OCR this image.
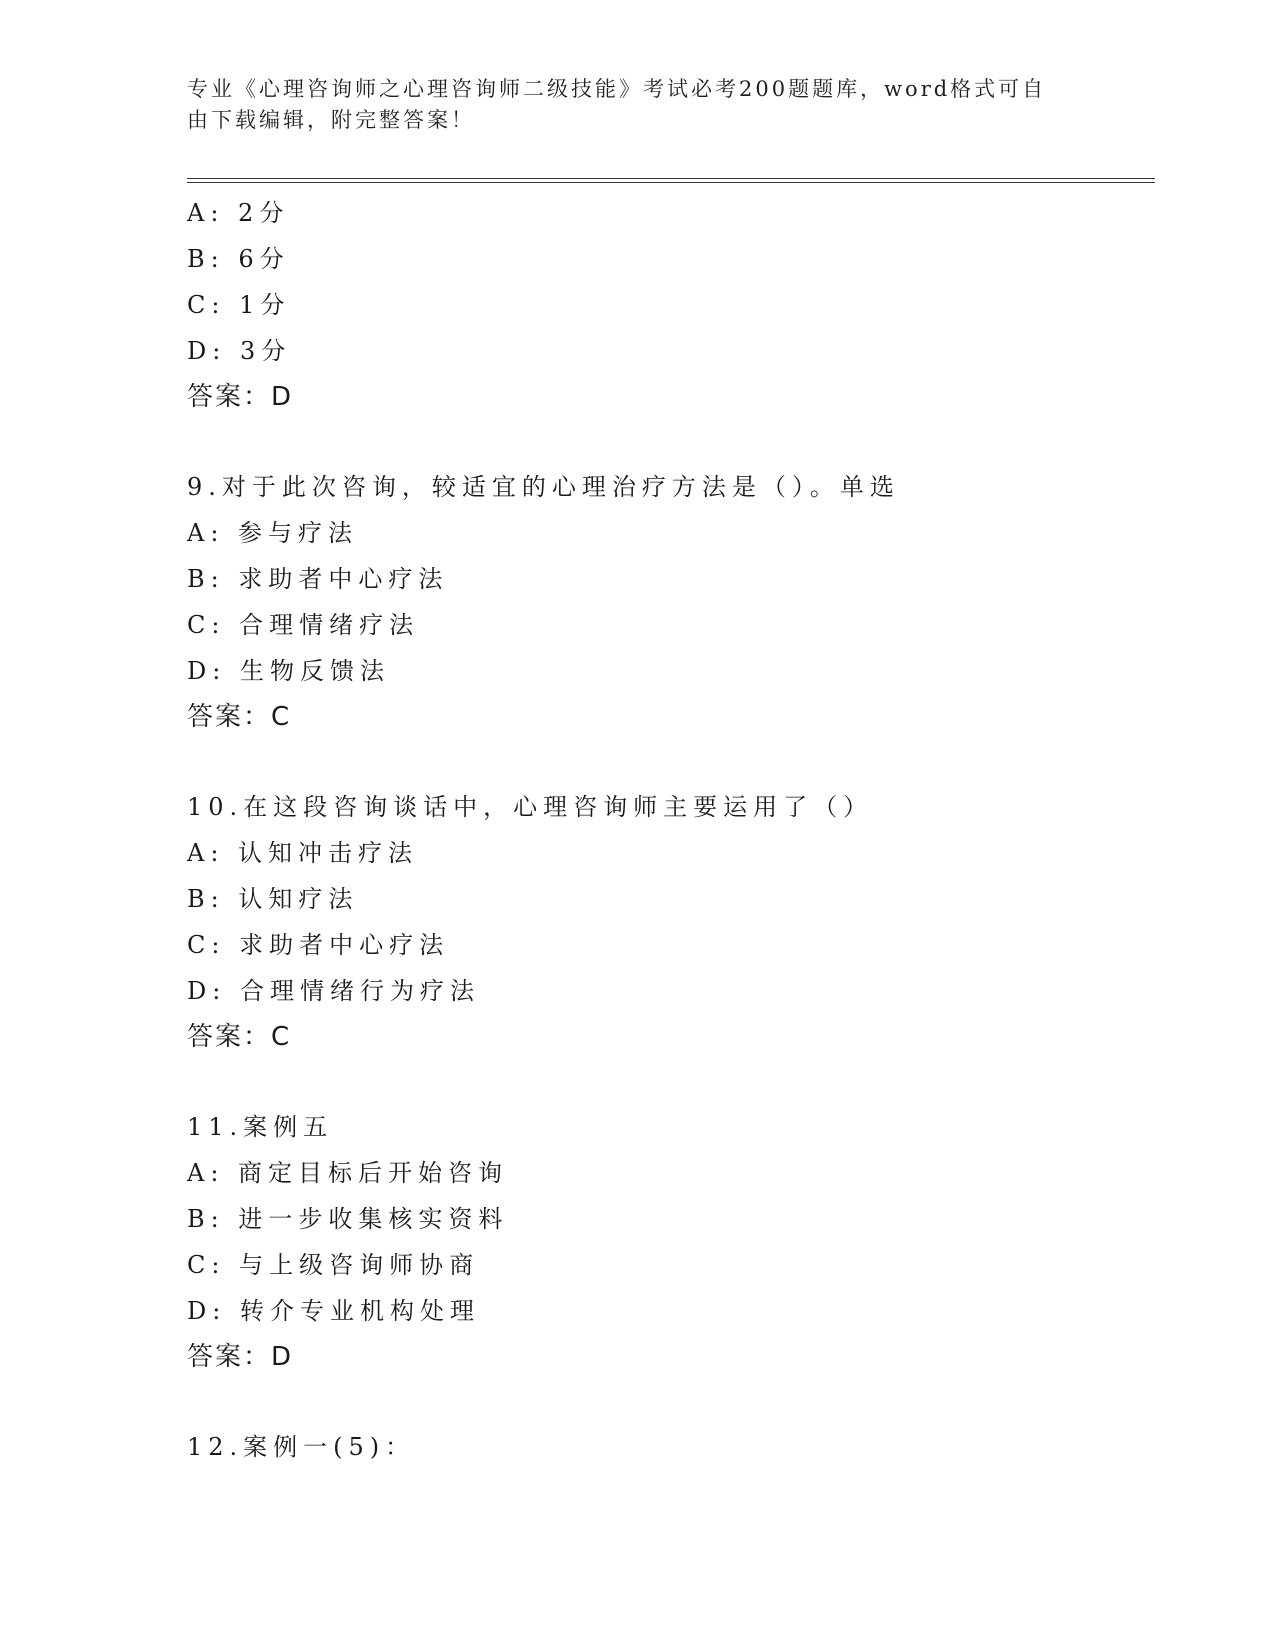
专业《心理咨询师之心理咨询师二级技能》考试必考200题题库，word格式可自
由下载编辑，附完整答案！
A: 2分
B: 6分
C: 1分
D: 3分
答案：D
9.对于此次咨询，较适宜的心理治疗方法是（）。单选
A: 参与疗法
B: 求助者中心疗法
C: 合理情绪疗法
D: 生物反馈法
答案：C
10.在这段咨询谈话中，心理咨询师主要运用了（）
A: 认知冲击疗法
B: 认知疗法
C: 求助者中心疗法
D: 合理情绪行为疗法
答案：C
11.案例五
A: 商定目标后开始咨询
B: 进一步收集核实资料
C: 与上级咨询师协商
D: 转介专业机构处理
答案：D
12.案例一(5)：
